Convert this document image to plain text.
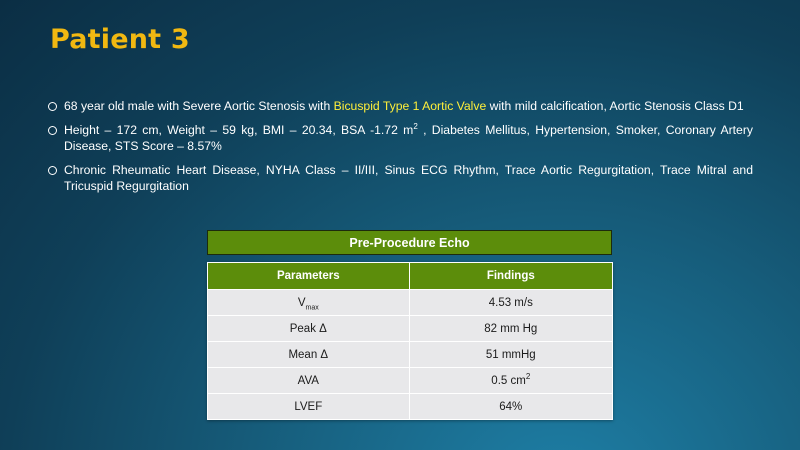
Patient 3
68 year old male with Severe Aortic Stenosis with Bicuspid Type 1 Aortic Valve with mild calcification, Aortic Stenosis Class D1
Height – 172 cm, Weight – 59 kg, BMI – 20.34, BSA -1.72 $m^2$ , Diabetes Mellitus, Hypertension, Smoker, Coronary Artery Disease, STS Score – 8.57%
Chronic Rheumatic Heart Disease, NYHA Class – II/III, Sinus ECG Rhythm, Trace Aortic Regurgitation, Trace Mitral and Tricuspid Regurgitation
Pre-Procedure Echo
Parameters	Findings
$V_{max}$	4.53 m/s
Peak Δ	82 mm Hg
Mean Δ	51 mmHg
AVA	0.5 $cm^2$
LVEF	64%
